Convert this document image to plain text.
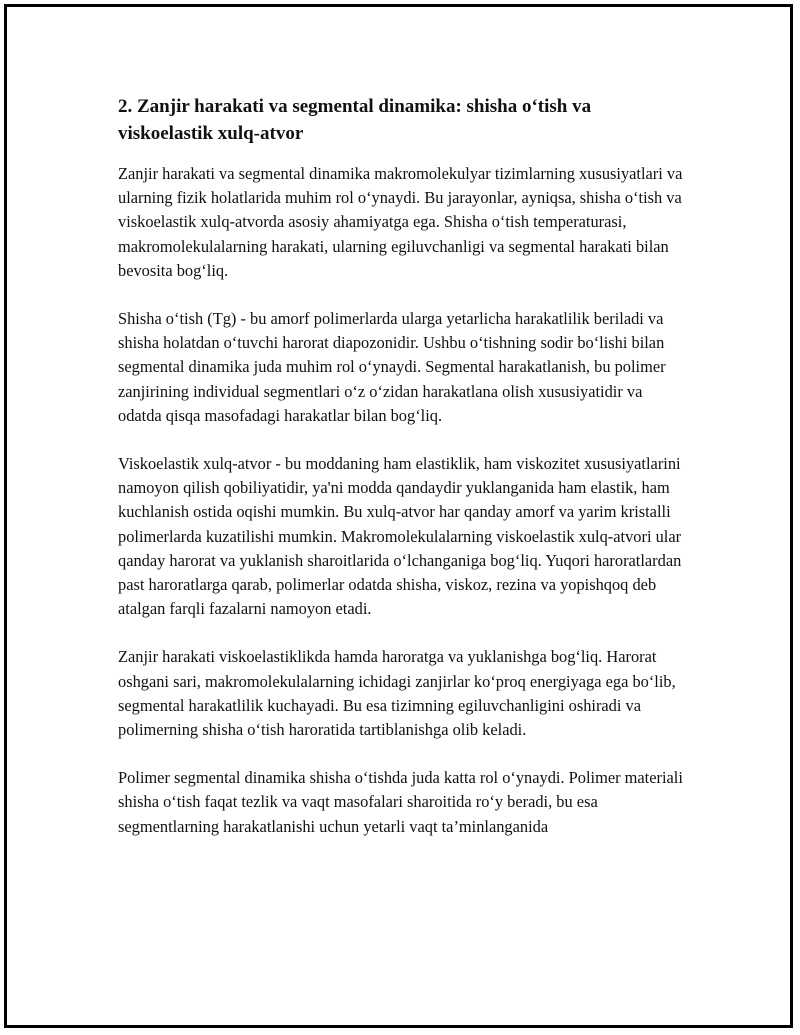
2. Zanjir harakati va segmental dinamika: shisha o‘tish va viskoelastik xulq-atvor

Zanjir harakati va segmental dinamika makromolekulyar tizimlarning xususiyatlari va ularning fizik holatlarida muhim rol o‘ynaydi. Bu jarayonlar, ayniqsa, shisha o‘tish va viskoelastik xulq-atvorda asosiy ahamiyatga ega. Shisha o‘tish temperaturasi, makromolekulalarning harakati, ularning egiluvchanligi va segmental harakati bilan bevosita bog‘liq.

Shisha o‘tish (Tg) - bu amorf polimerlarda ularga yetarlicha harakatlilik beriladi va shisha holatdan o‘tuvchi harorat diapozonidir. Ushbu o‘tishning sodir bo‘lishi bilan segmental dinamika juda muhim rol o‘ynaydi. Segmental harakatlanish, bu polimer zanjirining individual segmentlari o‘z o‘zidan harakatlana olish xususiyatidir va odatda qisqa masofadagi harakatlar bilan bog‘liq.

Viskoelastik xulq-atvor - bu moddaning ham elastiklik, ham viskozitet xususiyatlarini namoyon qilish qobiliyatidir, ya'ni modda qandaydir yuklanganida ham elastik, ham kuchlanish ostida oqishi mumkin. Bu xulq-atvor har qanday amorf va yarim kristalli polimerlarda kuzatilishi mumkin. Makromolekulalarning viskoelastik xulq-atvori ular qanday harorat va yuklanish sharoitlarida o‘lchanganiga bog‘liq. Yuqori haroratlardan past haroratlarga qarab, polimerlar odatda shisha, viskoz, rezina va yopishqoq deb atalgan farqli fazalarni namoyon etadi.

Zanjir harakati viskoelastiklikda hamda haroratga va yuklanishga bog‘liq. Harorat oshgani sari, makromolekulalarning ichidagi zanjirlar ko‘proq energiyaga ega bo‘lib, segmental harakatlilik kuchayadi. Bu esa tizimning egiluvchanligini oshiradi va polimerning shisha o‘tish haroratida tartiblanishga olib keladi.

Polimer segmental dinamika shisha o‘tishda juda katta rol o‘ynaydi. Polimer materiali shisha o‘tish faqat tezlik va vaqt masofalari sharoitida ro‘y beradi, bu esa segmentlarning harakatlanishi uchun yetarli vaqt ta’minlanganida
